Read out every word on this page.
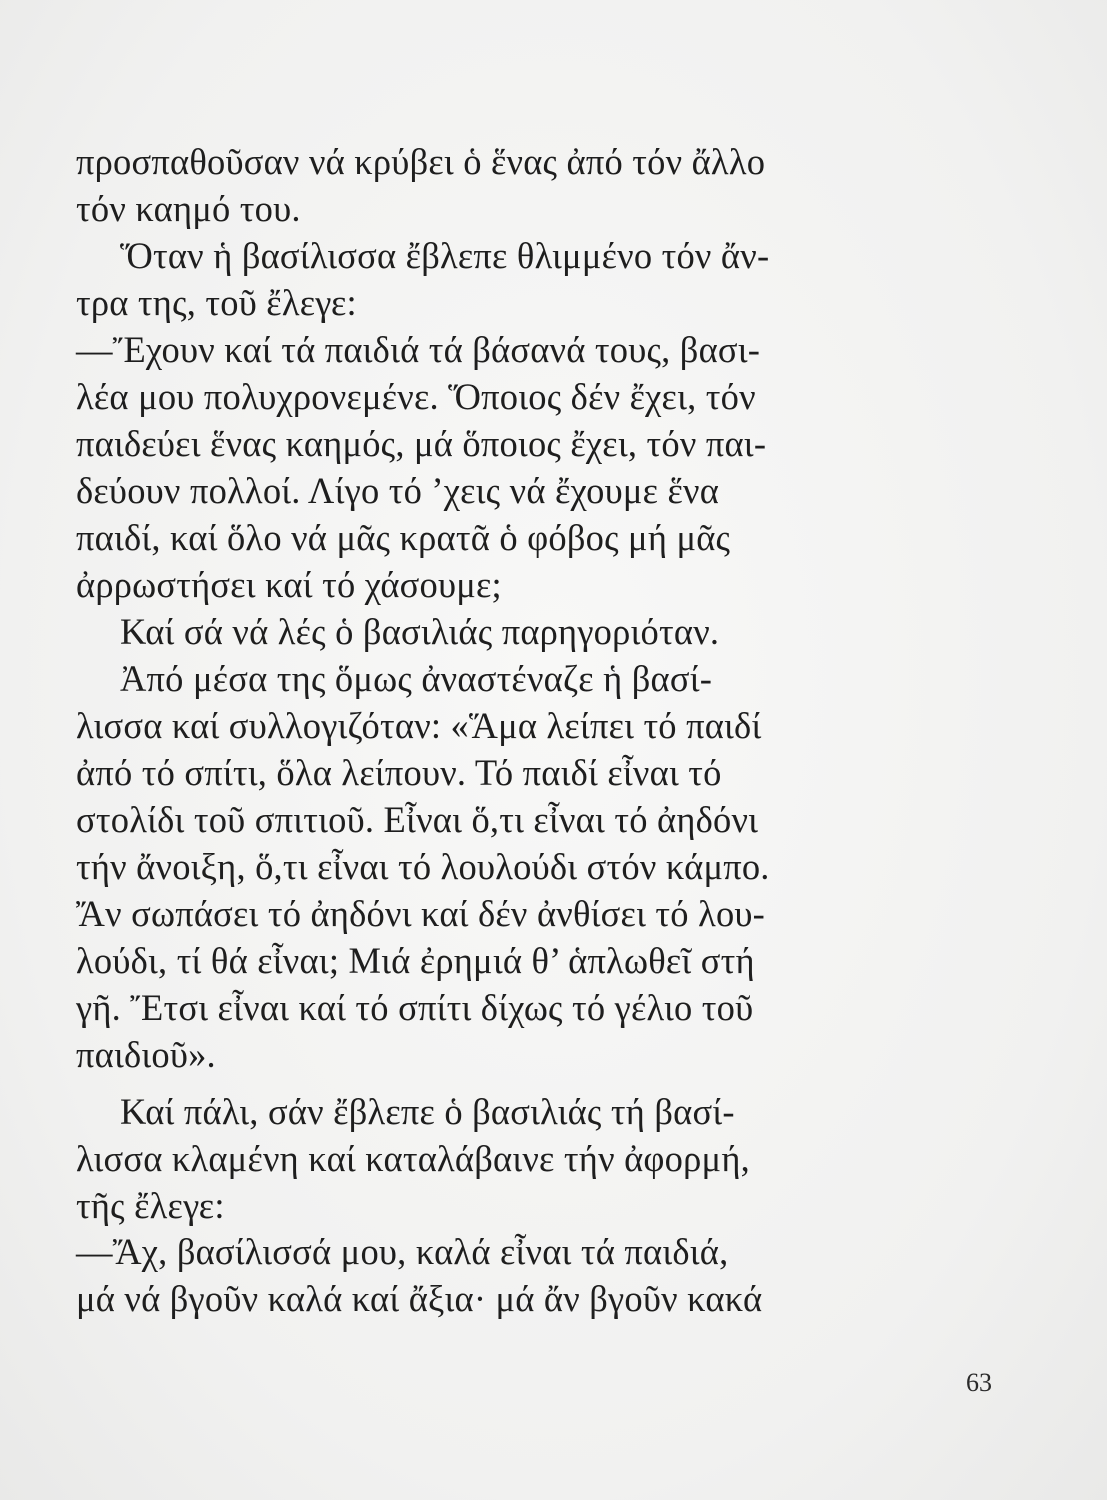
προσπαθοῦσαν νά κρύβει ὁ ἕνας ἀπό τόν ἄλλο
τόν καημό του.
Ὅταν ἡ βασίλισσα ἔβλεπε θλιμμένο τόν ἄν-
τρα της, τοῦ ἔλεγε:
—Ἔχουν καί τά παιδιά τά βάσανά τους, βασι-
λέα μου πολυχρονεμένε. Ὅποιος δέν ἔχει, τόν
παιδεύει ἕνας καημός, μά ὅποιος ἔχει, τόν παι-
δεύουν πολλοί. Λίγο τό ’χεις νά ἔχουμε ἕνα
παιδί, καί ὅλο νά μᾶς κρατᾶ ὁ φόβος μή μᾶς
ἀρρωστήσει καί τό χάσουμε;
Καί σά νά λές ὁ βασιλιάς παρηγοριόταν.
Ἀπό μέσα της ὅμως ἀναστέναζε ἡ βασί-
λισσα καί συλλογιζόταν: «Ἅμα λείπει τό παιδί
ἀπό τό σπίτι, ὅλα λείπουν. Τό παιδί εἶναι τό
στολίδι τοῦ σπιτιοῦ. Εἶναι ὅ,τι εἶναι τό ἀηδόνι
τήν ἄνοιξη, ὅ,τι εἶναι τό λουλούδι στόν κάμπο.
Ἄν σωπάσει τό ἀηδόνι καί δέν ἀνθίσει τό λου-
λούδι, τί θά εἶναι; Μιά ἐρημιά θ’ ἁπλωθεῖ στή
γῆ. Ἔτσι εἶναι καί τό σπίτι δίχως τό γέλιο τοῦ
παιδιοῦ».
Καί πάλι, σάν ἔβλεπε ὁ βασιλιάς τή βασί-
λισσα κλαμένη καί καταλάβαινε τήν ἀφορμή,
τῆς ἔλεγε:
—Ἄχ, βασίλισσά μου, καλά εἶναι τά παιδιά,
μά νά βγοῦν καλά καί ἄξια· μά ἄν βγοῦν κακά
63
